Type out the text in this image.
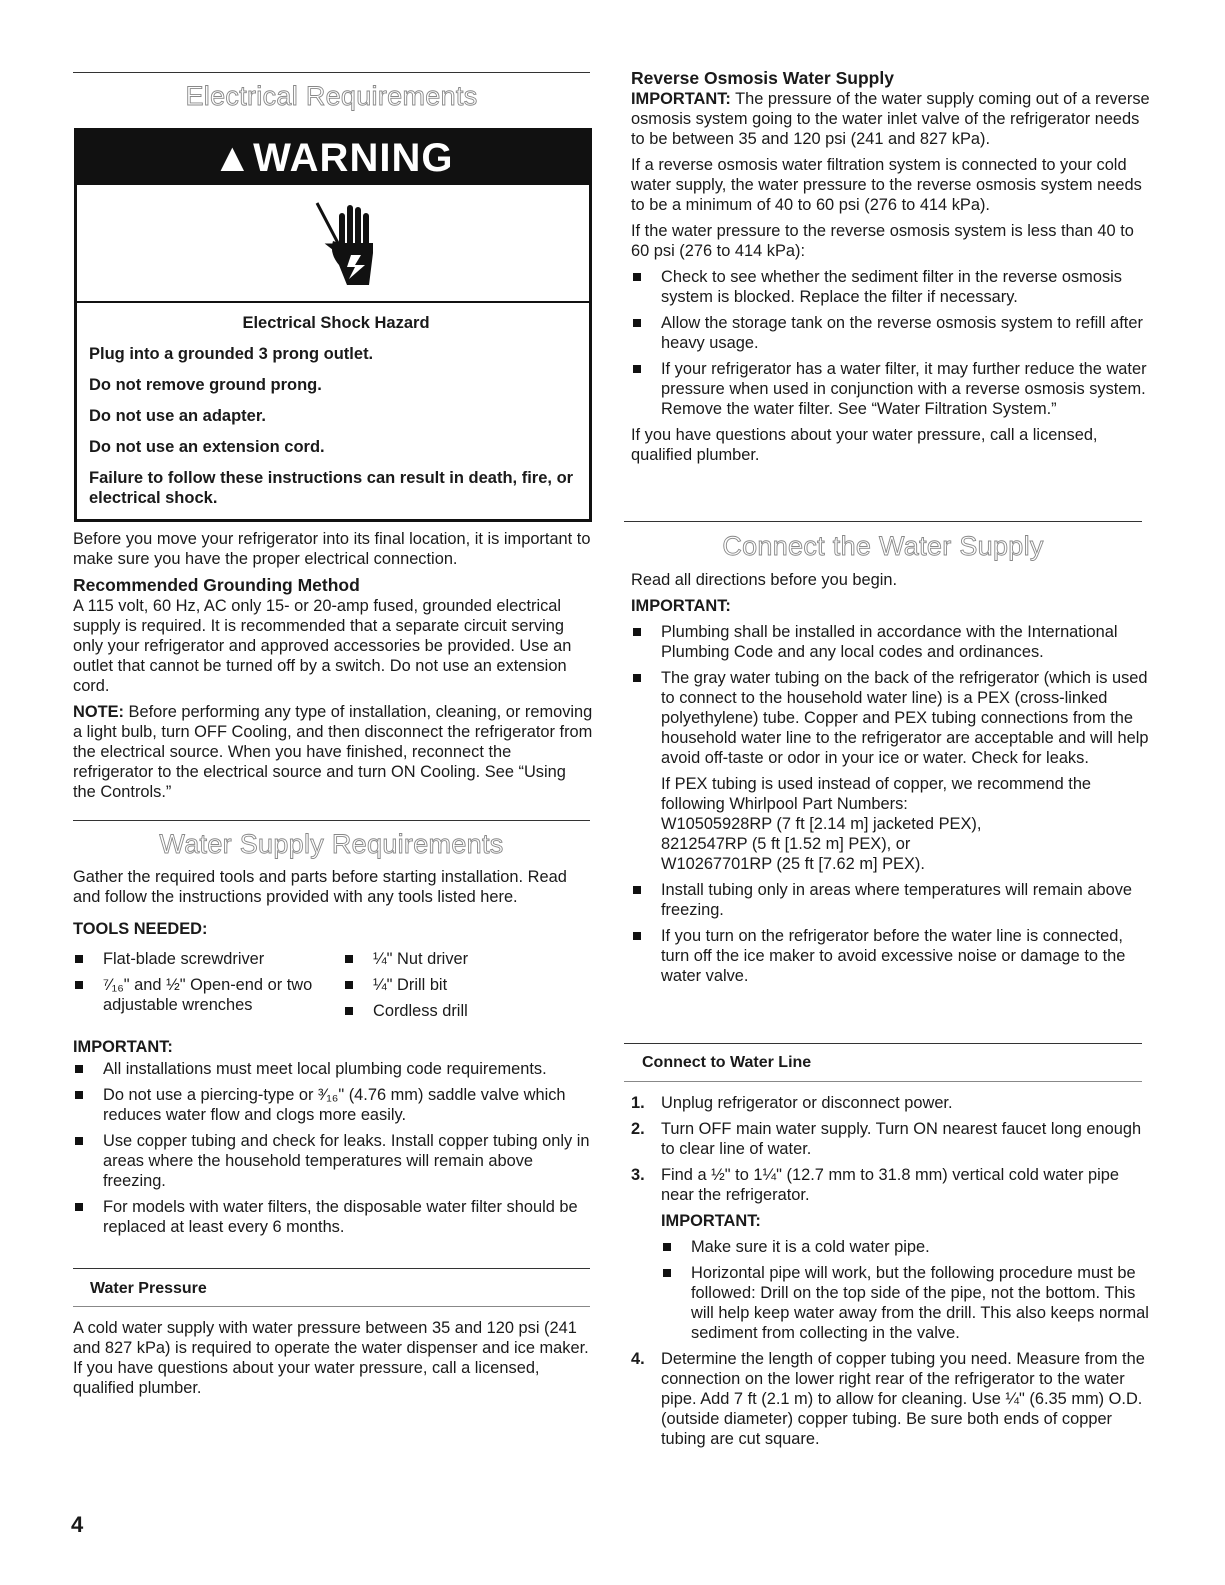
Electrical Requirements
▲WARNING

Electrical Shock Hazard

Plug into a grounded 3 prong outlet.

Do not remove ground prong.

Do not use an adapter.

Do not use an extension cord.

Failure to follow these instructions can result in death, fire, or electrical shock.

Before you move your refrigerator into its final location, it is important to make sure you have the proper electrical connection.

Recommended Grounding Method

A 115 volt, 60 Hz, AC only 15- or 20-amp fused, grounded electrical supply is required. It is recommended that a separate circuit serving only your refrigerator and approved accessories be provided. Use an outlet that cannot be turned off by a switch. Do not use an extension cord.

NOTE: Before performing any type of installation, cleaning, or removing a light bulb, turn OFF Cooling, and then disconnect the refrigerator from the electrical source. When you have finished, reconnect the refrigerator to the electrical source and turn ON Cooling. See “Using the Controls.”

Water Supply Requirements

Gather the required tools and parts before starting installation. Read and follow the instructions provided with any tools listed here.

TOOLS NEEDED:

Flat-blade screwdriver
⁷⁄₁₆" and ½" Open-end or two adjustable wrenches
¼" Nut driver
¼" Drill bit
Cordless drill

IMPORTANT:

All installations must meet local plumbing code requirements.
Do not use a piercing-type or ³⁄₁₆" (4.76 mm) saddle valve which reduces water flow and clogs more easily.
Use copper tubing and check for leaks. Install copper tubing only in areas where the household temperatures will remain above freezing.
For models with water filters, the disposable water filter should be replaced at least every 6 months.
Water Pressure

A cold water supply with water pressure between 35 and 120 psi (241 and 827 kPa) is required to operate the water dispenser and ice maker. If you have questions about your water pressure, call a licensed, qualified plumber.

Reverse Osmosis Water Supply

IMPORTANT: The pressure of the water supply coming out of a reverse osmosis system going to the water inlet valve of the refrigerator needs to be between 35 and 120 psi (241 and 827 kPa).

If a reverse osmosis water filtration system is connected to your cold water supply, the water pressure to the reverse osmosis system needs to be a minimum of 40 to 60 psi (276 to 414 kPa).

If the water pressure to the reverse osmosis system is less than 40 to 60 psi (276 to 414 kPa):

Check to see whether the sediment filter in the reverse osmosis system is blocked. Replace the filter if necessary.
Allow the storage tank on the reverse osmosis system to refill after heavy usage.
If your refrigerator has a water filter, it may further reduce the water pressure when used in conjunction with a reverse osmosis system. Remove the water filter. See “Water Filtration System.”

If you have questions about your water pressure, call a licensed, qualified plumber.

Connect the Water Supply

Read all directions before you begin.

IMPORTANT:

Plumbing shall be installed in accordance with the International Plumbing Code and any local codes and ordinances.
The gray water tubing on the back of the refrigerator (which is used to connect to the household water line) is a PEX (cross-linked polyethylene) tube. Copper and PEX tubing connections from the household water line to the refrigerator are acceptable and will help avoid off-taste or odor in your ice or water. Check for leaks.
If PEX tubing is used instead of copper, we recommend the following Whirlpool Part Numbers:
W10505928RP (7 ft [2.14 m] jacketed PEX),
8212547RP (5 ft [1.52 m] PEX), or
W10267701RP (25 ft [7.62 m] PEX).
Install tubing only in areas where temperatures will remain above freezing.
If you turn on the refrigerator before the water line is connected, turn off the ice maker to avoid excessive noise or damage to the water valve.
Connect to Water Line
1. Unplug refrigerator or disconnect power.
2. Turn OFF main water supply. Turn ON nearest faucet long enough to clear line of water.
3. Find a ½" to 1¼" (12.7 mm to 31.8 mm) vertical cold water pipe near the refrigerator.
IMPORTANT:
Make sure it is a cold water pipe.
Horizontal pipe will work, but the following procedure must be followed: Drill on the top side of the pipe, not the bottom. This will help keep water away from the drill. This also keeps normal sediment from collecting in the valve.
4. Determine the length of copper tubing you need. Measure from the connection on the lower right rear of the refrigerator to the water pipe. Add 7 ft (2.1 m) to allow for cleaning. Use ¼" (6.35 mm) O.D. (outside diameter) copper tubing. Be sure both ends of copper tubing are cut square.
4
